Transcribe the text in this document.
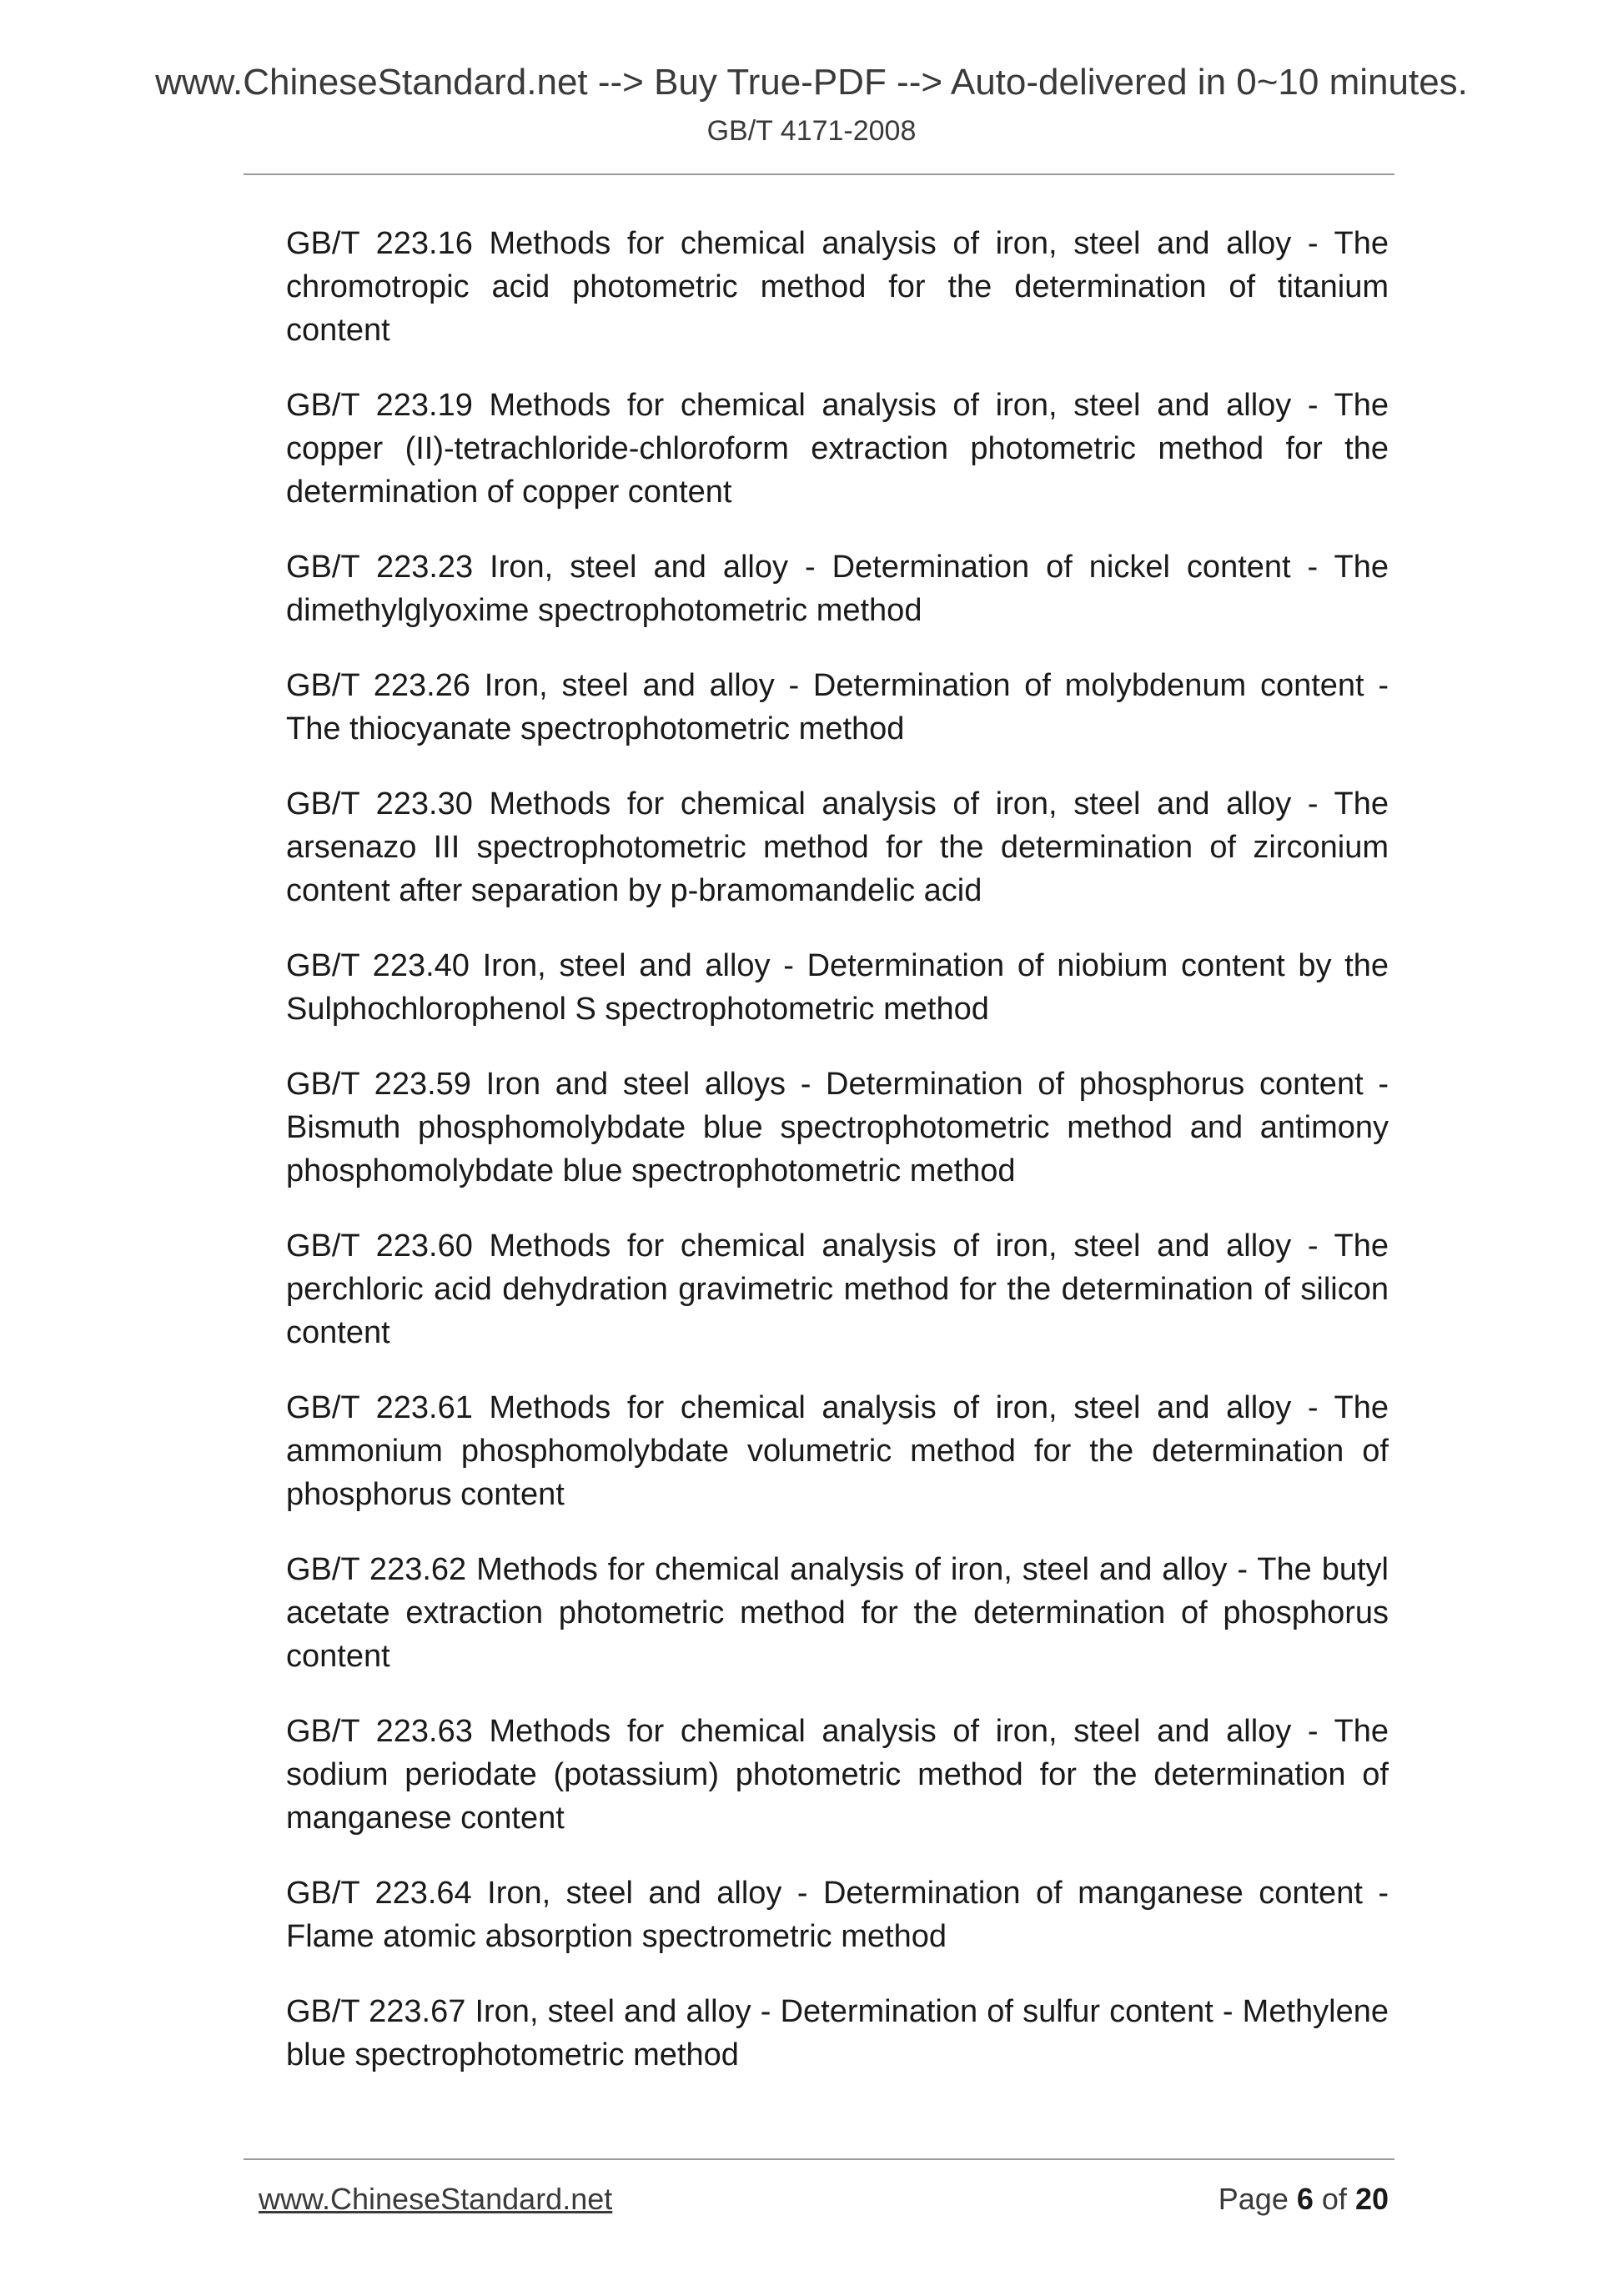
www.ChineseStandard.net --> Buy True-PDF --> Auto-delivered in 0~10 minutes.

GB/T 4171-2008

GB/T 223.16 Methods for chemical analysis of iron, steel and alloy - The chromotropic acid photometric method for the determination of titanium content

GB/T 223.19 Methods for chemical analysis of iron, steel and alloy - The copper (II)-tetrachloride-chloroform extraction photometric method for the determination of copper content

GB/T 223.23 Iron, steel and alloy - Determination of nickel content - The dimethylglyoxime spectrophotometric method

GB/T 223.26 Iron, steel and alloy - Determination of molybdenum content - The thiocyanate spectrophotometric method

GB/T 223.30 Methods for chemical analysis of iron, steel and alloy - The arsenazo III spectrophotometric method for the determination of zirconium content after separation by p-bramomandelic acid

GB/T 223.40 Iron, steel and alloy - Determination of niobium content by the Sulphochlorophenol S spectrophotometric method

GB/T 223.59 Iron and steel alloys - Determination of phosphorus content - Bismuth phosphomolybdate blue spectrophotometric method and antimony phosphomolybdate blue spectrophotometric method

GB/T 223.60 Methods for chemical analysis of iron, steel and alloy - The perchloric acid dehydration gravimetric method for the determination of silicon content

GB/T 223.61 Methods for chemical analysis of iron, steel and alloy - The ammonium phosphomolybdate volumetric method for the determination of phosphorus content

GB/T 223.62 Methods for chemical analysis of iron, steel and alloy - The butyl acetate extraction photometric method for the determination of phosphorus content

GB/T 223.63 Methods for chemical analysis of iron, steel and alloy - The sodium periodate (potassium) photometric method for the determination of manganese content

GB/T 223.64 Iron, steel and alloy - Determination of manganese content - Flame atomic absorption spectrometric method

GB/T 223.67 Iron, steel and alloy - Determination of sulfur content - Methylene blue spectrophotometric method

www.ChineseStandard.net	Page 6 of 20
